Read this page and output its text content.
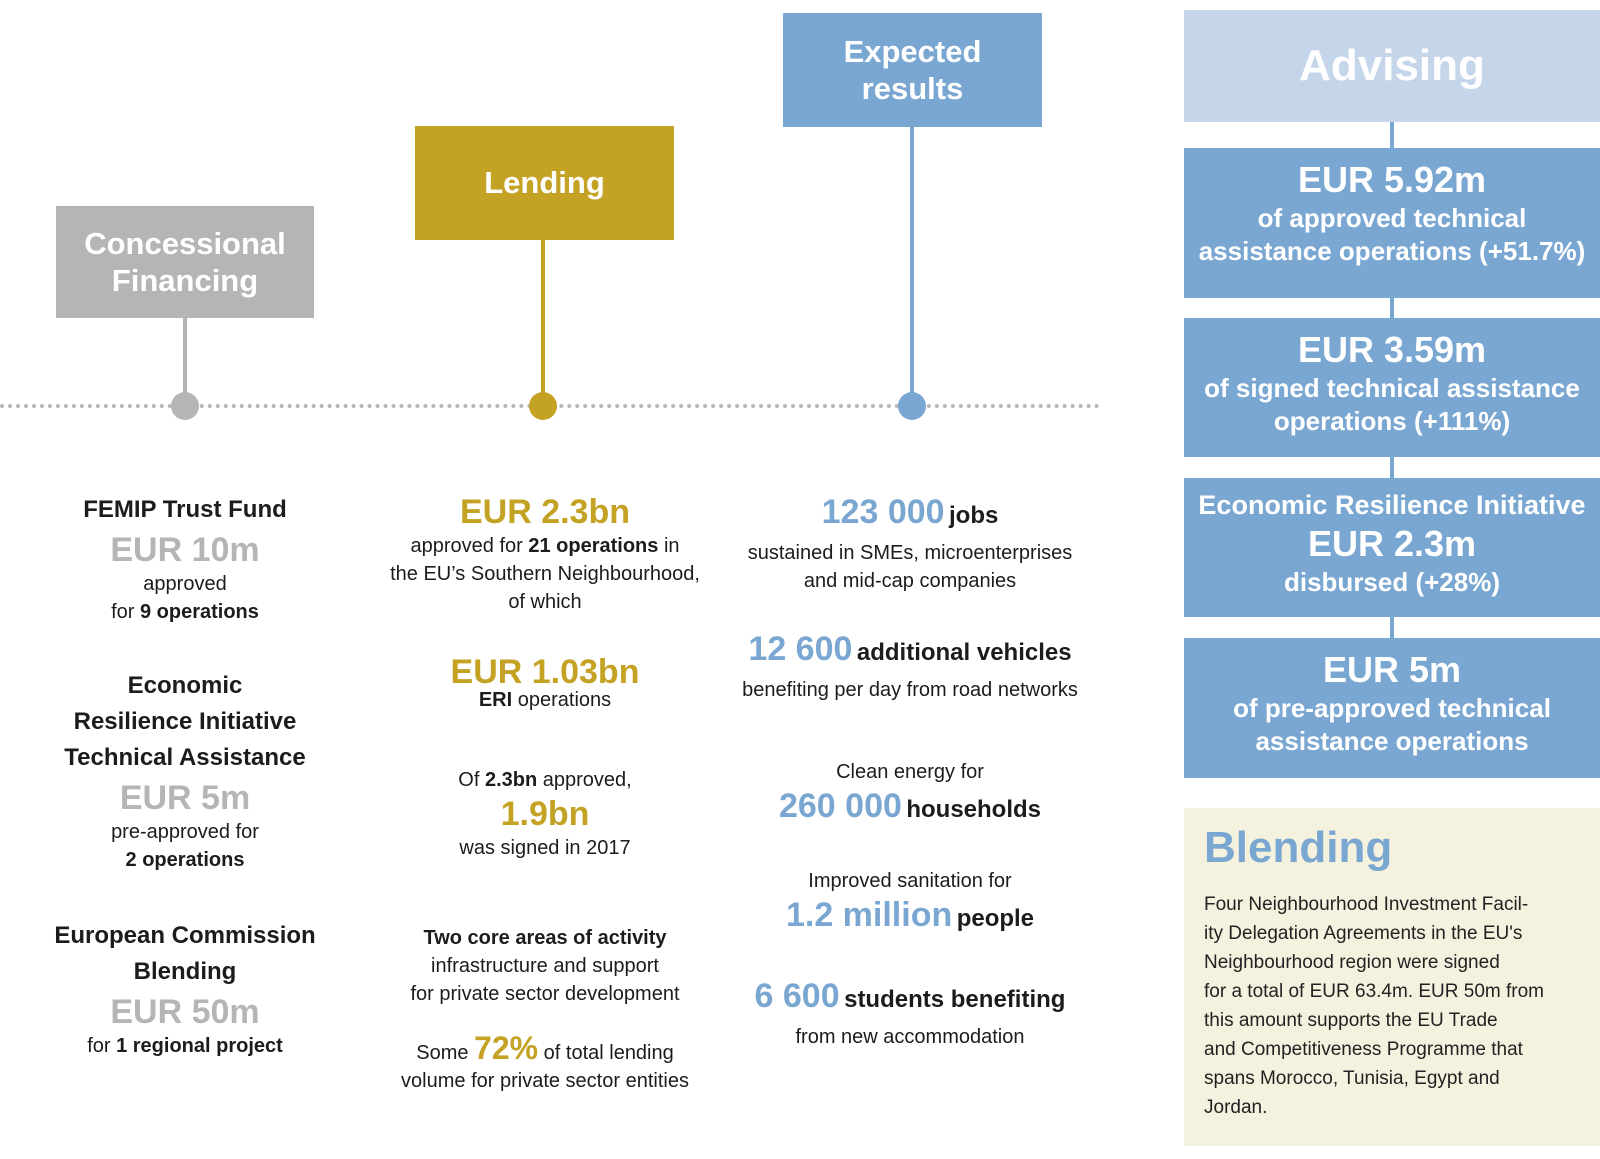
Concessional
Financing
Lending
Expected
results

FEMIP Trust Fund

EUR 10m

approved

for 9 operations

Economic

Resilience Initiative

Technical Assistance

EUR 5m

pre-approved for

2 operations

European Commission

Blending

EUR 50m

for 1 regional project

EUR 2.3bn

approved for 21 operations in

the EU’s Southern Neighbourhood,

of which

EUR 1.03bn

ERI operations

Of 2.3bn approved,

1.9bn

was signed in 2017

Two core areas of activity

infrastructure and support

for private sector development

Some 72% of total lending

volume for private sector entities

123 000 jobs

sustained in SMEs, microenterprises

and mid-cap companies

12 600 additional vehicles

benefiting per day from road networks

Clean energy for

260 000 households

Improved sanitation for

1.2 million people

6 600 students benefiting

from new accommodation

Advising

EUR 5.92m

of approved technical

assistance operations (+51.7%)

EUR 3.59m

of signed technical assistance

operations (+111%)

Economic Resilience Initiative

EUR 2.3m

disbursed (+28%)

EUR 5m

of pre-approved technical

assistance operations

Blending
Four Neighbourhood Investment Facil-
ity Delegation Agreements in the EU's
Neighbourhood region were signed
for a total of EUR 63.4m. EUR 50m from
this amount supports the EU Trade
and Competitiveness Programme that
spans Morocco, Tunisia, Egypt and
Jordan.
